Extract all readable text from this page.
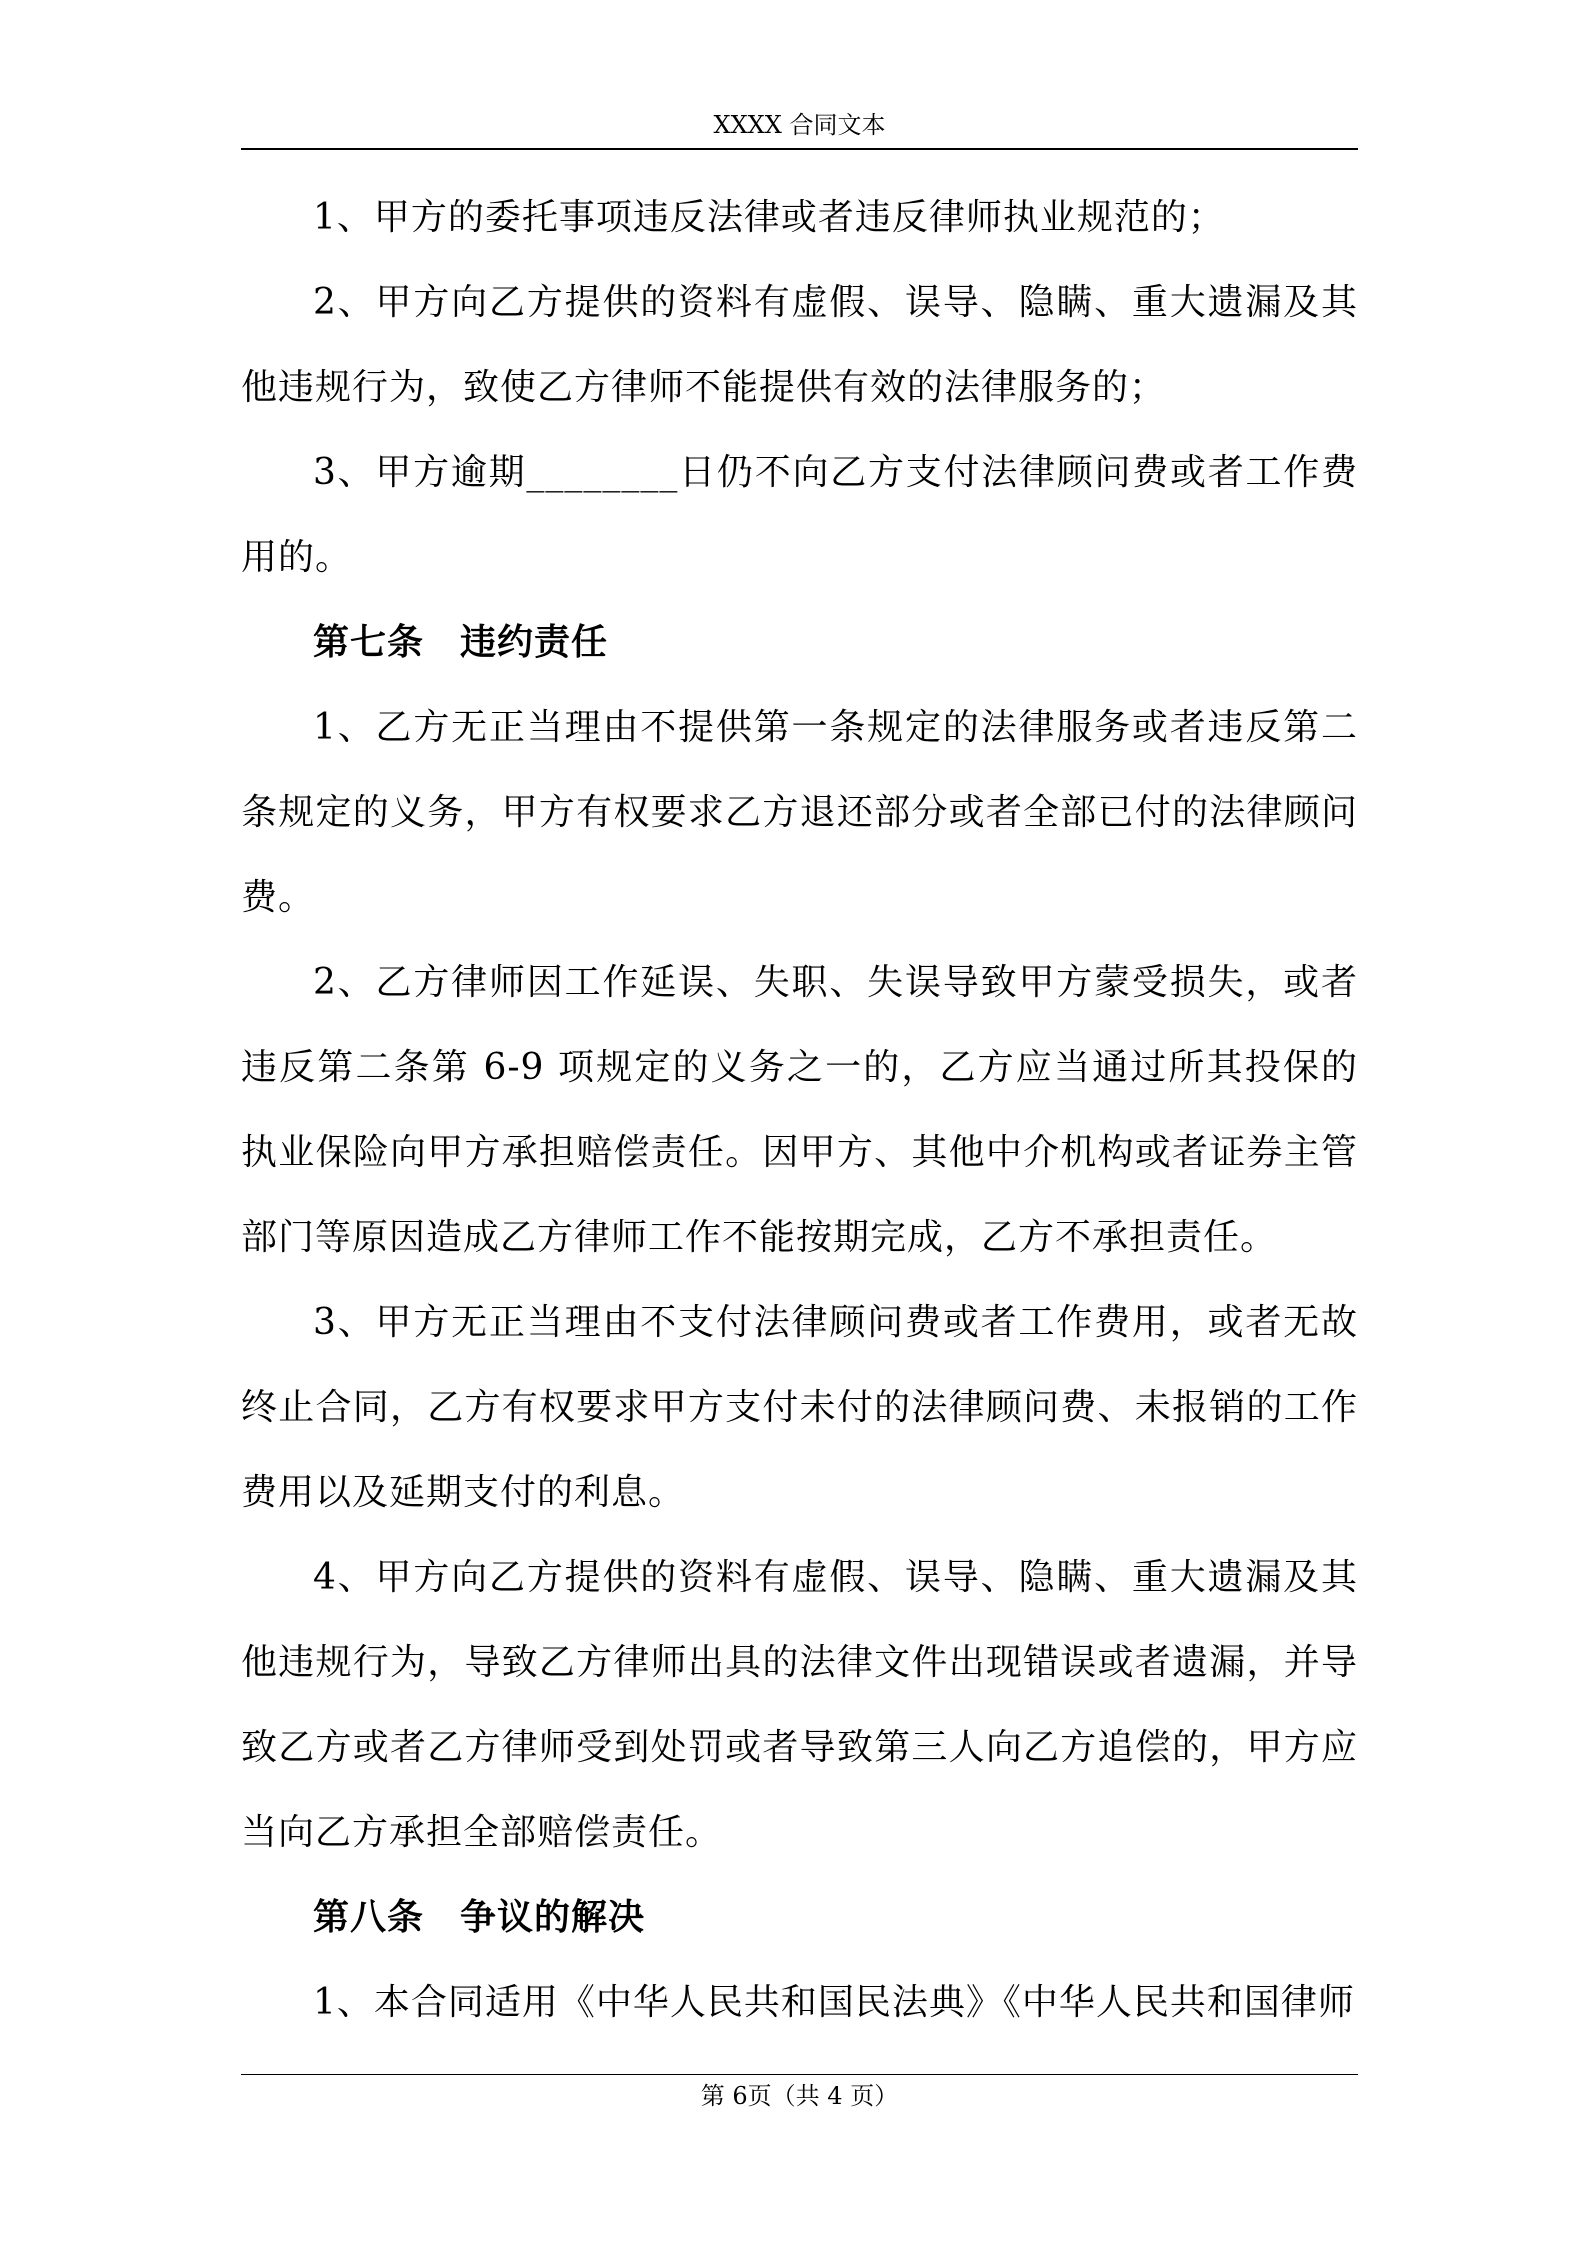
XXXX 合同文本

1、甲方的委托事项违反法律或者违反律师执业规范的；

2、甲方向乙方提供的资料有虚假、误导、隐瞒、重大遗漏及其他违规行为，致使乙方律师不能提供有效的法律服务的；

3、甲方逾期________日仍不向乙方支付法律顾问费或者工作费用的。

第七条 违约责任

1、乙方无正当理由不提供第一条规定的法律服务或者违反第二条规定的义务，甲方有权要求乙方退还部分或者全部已付的法律顾问费。

2、乙方律师因工作延误、失职、失误导致甲方蒙受损失，或者违反第二条第 6-9 项规定的义务之一的，乙方应当通过所其投保的执业保险向甲方承担赔偿责任。因甲方、其他中介机构或者证券主管部门等原因造成乙方律师工作不能按期完成，乙方不承担责任。

3、甲方无正当理由不支付法律顾问费或者工作费用，或者无故终止合同，乙方有权要求甲方支付未付的法律顾问费、未报销的工作费用以及延期支付的利息。

4、甲方向乙方提供的资料有虚假、误导、隐瞒、重大遗漏及其他违规行为，导致乙方律师出具的法律文件出现错误或者遗漏，并导致乙方或者乙方律师受到处罚或者导致第三人向乙方追偿的，甲方应当向乙方承担全部赔偿责任。

第八条 争议的解决

1、本合同适用《中华人民共和国民法典》《中华人民共和国律师

第 6页（共 4 页）
